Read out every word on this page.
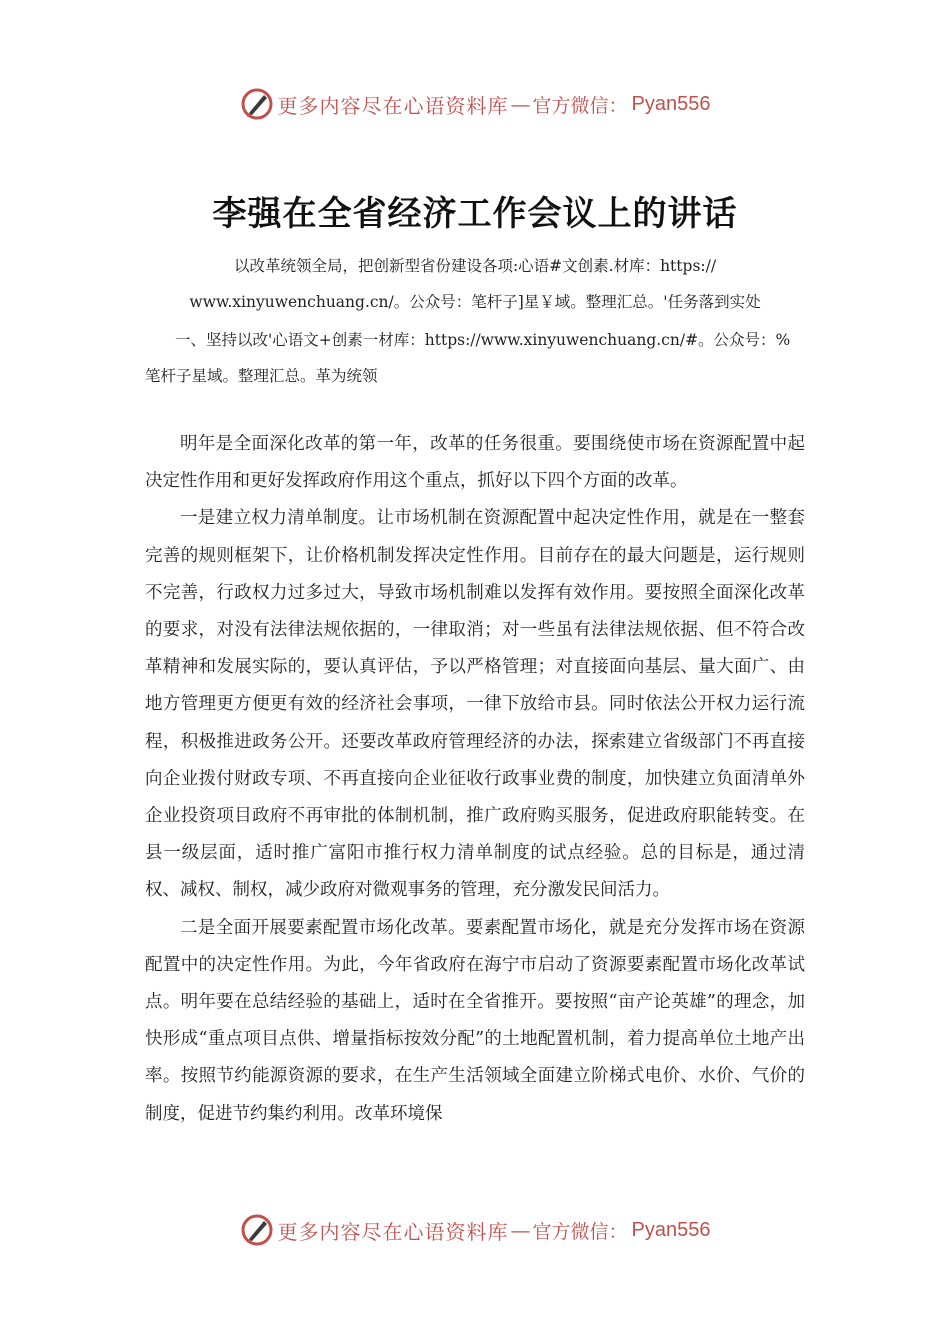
更多内容尽在心语资料库 — 官方微信： Pyan556
李强在全省经济工作会议上的讲话

以改革统领全局，把创新型省份建设各项:心语#文创素.材库：https:// www.xinyuwenchuang.cn/。公众号：笔杆子]星￥域。整理汇总。'任务落到实处

一、坚持以改'心语文+创素一材库：https://www.xinyuwenchuang.cn/#。公众号：%笔杆子星域。整理汇总。革为统领

明年是全面深化改革的第一年，改革的任务很重。要围绕使市场在资源配置中起决定性作用和更好发挥政府作用这个重点，抓好以下四个方面的改革。

一是建立权力清单制度。让市场机制在资源配置中起决定性作用，就是在一整套完善的规则框架下，让价格机制发挥决定性作用。目前存在的最大问题是，运行规则不完善，行政权力过多过大，导致市场机制难以发挥有效作用。要按照全面深化改革的要求，对没有法律法规依据的，一律取消；对一些虽有法律法规依据、但不符合改革精神和发展实际的，要认真评估，予以严格管理；对直接面向基层、量大面广、由地方管理更方便更有效的经济社会事项，一律下放给市县。同时依法公开权力运行流程，积极推进政务公开。还要改革政府管理经济的办法，探索建立省级部门不再直接向企业拨付财政专项、不再直接向企业征收行政事业费的制度，加快建立负面清单外企业投资项目政府不再审批的体制机制，推广政府购买服务，促进政府职能转变。在县一级层面，适时推广富阳市推行权力清单制度的试点经验。总的目标是，通过清权、减权、制权，减少政府对微观事务的管理，充分激发民间活力。

二是全面开展要素配置市场化改革。要素配置市场化，就是充分发挥市场在资源配置中的决定性作用。为此，今年省政府在海宁市启动了资源要素配置市场化改革试点。明年要在总结经验的基础上，适时在全省推开。要按照“亩产论英雄”的理念，加快形成“重点项目点供、增量指标按效分配”的土地配置机制，着力提高单位土地产出率。按照节约能源资源的要求，在生产生活领域全面建立阶梯式电价、水价、气价的制度，促进节约集约利用。改革环境保

更多内容尽在心语资料库 — 官方微信： Pyan556
